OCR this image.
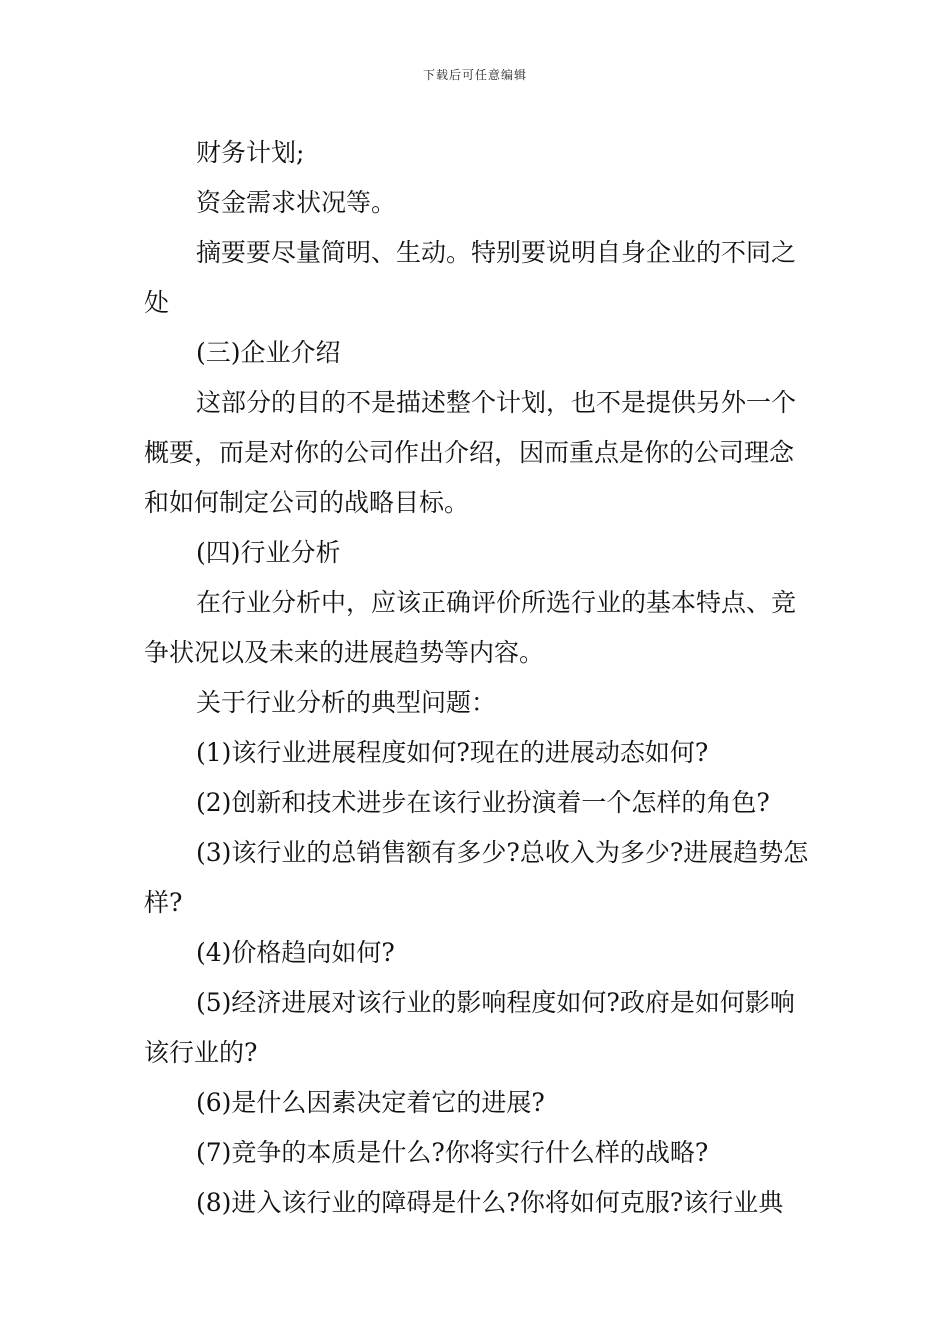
下载后可任意编辑

财务计划;

资金需求状况等。

摘要要尽量简明、生动。特别要说明自身企业的不同之处

(三)企业介绍

这部分的目的不是描述整个计划，也不是提供另外一个概要，而是对你的公司作出介绍，因而重点是你的公司理念和如何制定公司的战略目标。

(四)行业分析

在行业分析中，应该正确评价所选行业的基本特点、竞争状况以及未来的进展趋势等内容。

关于行业分析的典型问题：

(1)该行业进展程度如何?现在的进展动态如何?

(2)创新和技术进步在该行业扮演着一个怎样的角色?

(3)该行业的总销售额有多少?总收入为多少?进展趋势怎样?

(4)价格趋向如何?

(5)经济进展对该行业的影响程度如何?政府是如何影响该行业的?

(6)是什么因素决定着它的进展?

(7)竞争的本质是什么?你将实行什么样的战略?

(8)进入该行业的障碍是什么?你将如何克服?该行业典
